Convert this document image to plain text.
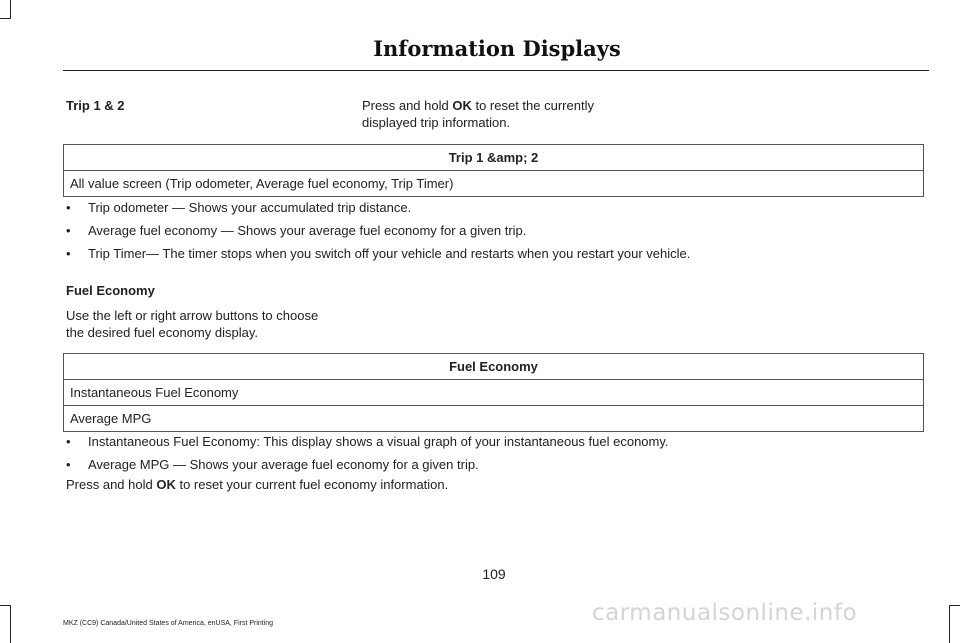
Information Displays
Trip 1 & 2	Press and hold OK to reset the currently
displayed trip information.
Trip 1 &amp; 2
All value screen (Trip odometer, Average fuel economy, Trip Timer)
• Trip odometer — Shows your accumulated trip distance.
• Average fuel economy — Shows your average fuel economy for a given trip.
• Trip Timer— The timer stops when you switch off your vehicle and restarts when you restart your vehicle.
Fuel Economy
Use the left or right arrow buttons to choose
the desired fuel economy display.
Fuel Economy
Instantaneous Fuel Economy
Average MPG
• Instantaneous Fuel Economy: This display shows a visual graph of your instantaneous fuel economy.
• Average MPG — Shows your average fuel economy for a given trip.
Press and hold OK to reset your current fuel economy information.
109
MKZ (CC9) Canada/United States of America, enUSA, First Printing	carmanualsonline.info
